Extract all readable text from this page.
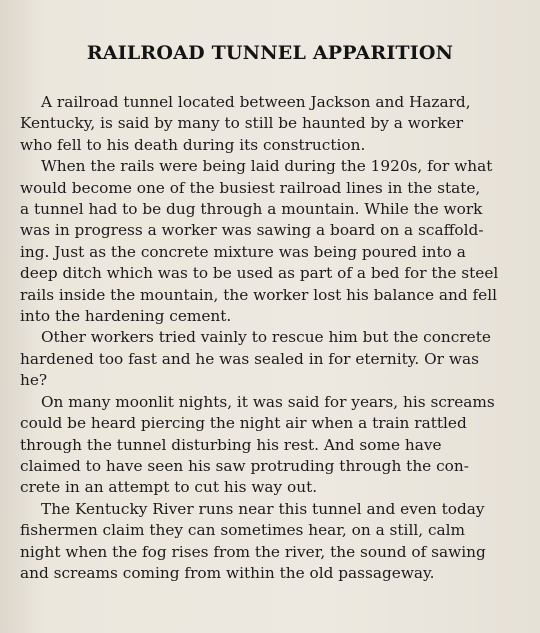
RAILROAD TUNNEL APPARITION

A railroad tunnel located between Jackson and Hazard,
Kentucky, is said by many to still be haunted by a worker
who fell to his death during its construction.

When the rails were being laid during the 1920s, for what
would become one of the busiest railroad lines in the state,
a tunnel had to be dug through a mountain. While the work
was in progress a worker was sawing a board on a scaffold-
ing. Just as the concrete mixture was being poured into a
deep ditch which was to be used as part of a bed for the steel
rails inside the mountain, the worker lost his balance and fell
into the hardening cement.

Other workers tried vainly to rescue him but the concrete
hardened too fast and he was sealed in for eternity. Or was
he?

On many moonlit nights, it was said for years, his screams
could be heard piercing the night air when a train rattled
through the tunnel disturbing his rest. And some have
claimed to have seen his saw protruding through the con-
crete in an attempt to cut his way out.

The Kentucky River runs near this tunnel and even today
fishermen claim they can sometimes hear, on a still, calm
night when the fog rises from the river, the sound of sawing
and screams coming from within the old passageway.
